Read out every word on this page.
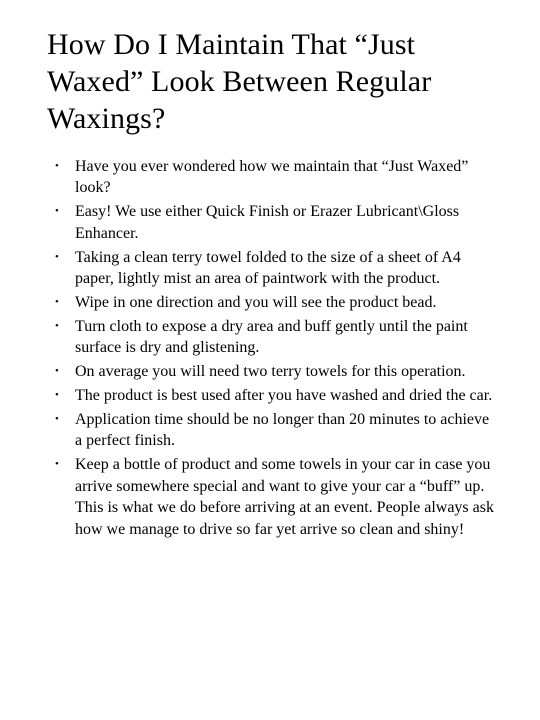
How Do I Maintain That “Just Waxed” Look Between Regular Waxings?
• Have you ever wondered how we maintain that “Just Waxed” look?
• Easy! We use either Quick Finish or Erazer Lubricant\Gloss Enhancer.
• Taking a clean terry towel folded to the size of a sheet of A4 paper, lightly mist an area of paintwork with the product.
• Wipe in one direction and you will see the product bead.
• Turn cloth to expose a dry area and buff gently until the paint surface is dry and glistening.
• On average you will need two terry towels for this operation.
• The product is best used after you have washed and dried the car.
• Application time should be no longer than 20 minutes to achieve a perfect finish.
• Keep a bottle of product and some towels in your car in case you arrive somewhere special and want to give your car a “buff” up. This is what we do before arriving at an event. People always ask how we manage to drive so far yet arrive so clean and shiny!
